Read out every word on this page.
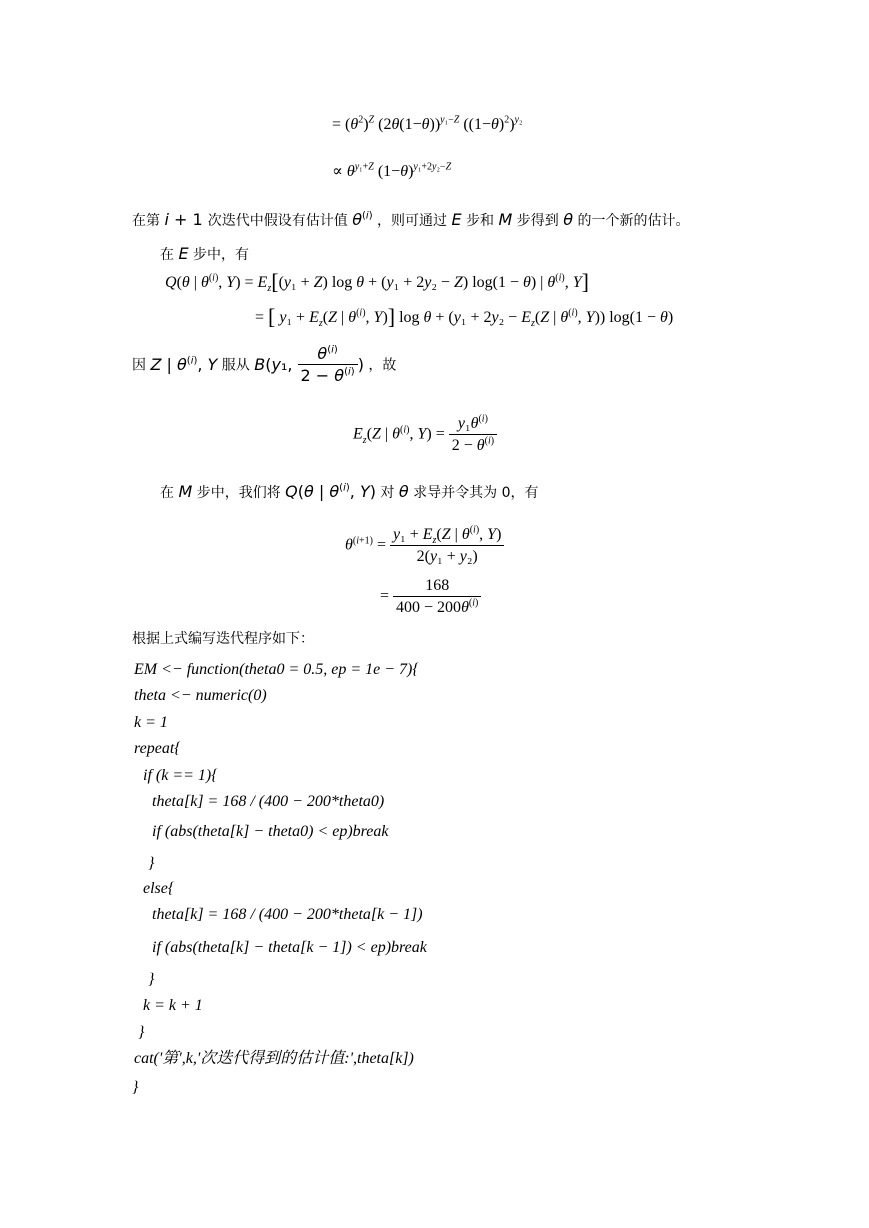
= $(\theta^2)^Z$ $(2\theta(1-\theta))^{y_1-Z}$ $((1-\theta)^2)^{y_2}$
∝ $\theta^{y_1+Z}$ $(1-\theta)^{y_1+2y_2-Z}$
在第 i + 1 次迭代中假设有估计值 $\theta^{(i)}$ ，则可通过 E 步和 M 步得到 θ 的一个新的估计。
在 E 步中，有
Q(θ | $\theta^{(i)}$, $Y) = E_z[(y_1 + Z)$ log θ + (y₁ + 2y₂ − Z) log(1 − θ) | $\theta^{(i)}$, Y]
= [ $y_1 + E_z(Z$ | $\theta^{(i)}$, Y)] $\log \theta + (y_1 + 2y_2 - E_z(Z$ | $\theta^{(i)}$, Y)) log(1 − θ)
因 Z | $\theta^{(i)}$, Y 服从 B(y₁, $\frac{\theta^{(i)}}{2 - \theta^{(i)}}$ ) ，故
$E_z(Z$ | $\theta^{(i)}$, $Y) = \frac{y_1\theta^{(i)}}{2 - \theta^{(i)}}$
在 M 步中，我们将 Q(θ | $\theta^{(i)}$, Y) 对 θ 求导并令其为 0，有
$\theta^{(i+1)} = \frac{y_1 + E_z(Z | \theta^{(i)}, Y)}{\text{2(y₁ + y₂)}}$
= $\frac{168}{400 - 200\theta^{(i)}}$
根据上式编写迭代程序如下：
EM <− function(theta0 = 0.5, ep = 1e − 7){
theta <− numeric(0)
k = 1
repeat{
if (k == 1){
theta[k] = 168 / (400 − 200*theta0)
if (abs(theta[k] − theta0) < ep)break
}
else{
theta[k] = 168 / (400 − 200*theta[k − 1])
if (abs(theta[k] − theta[k − 1]) < ep)break
}
k = k + 1
}
cat('第',k,'次迭代得到的估计值:',theta[k])
}
